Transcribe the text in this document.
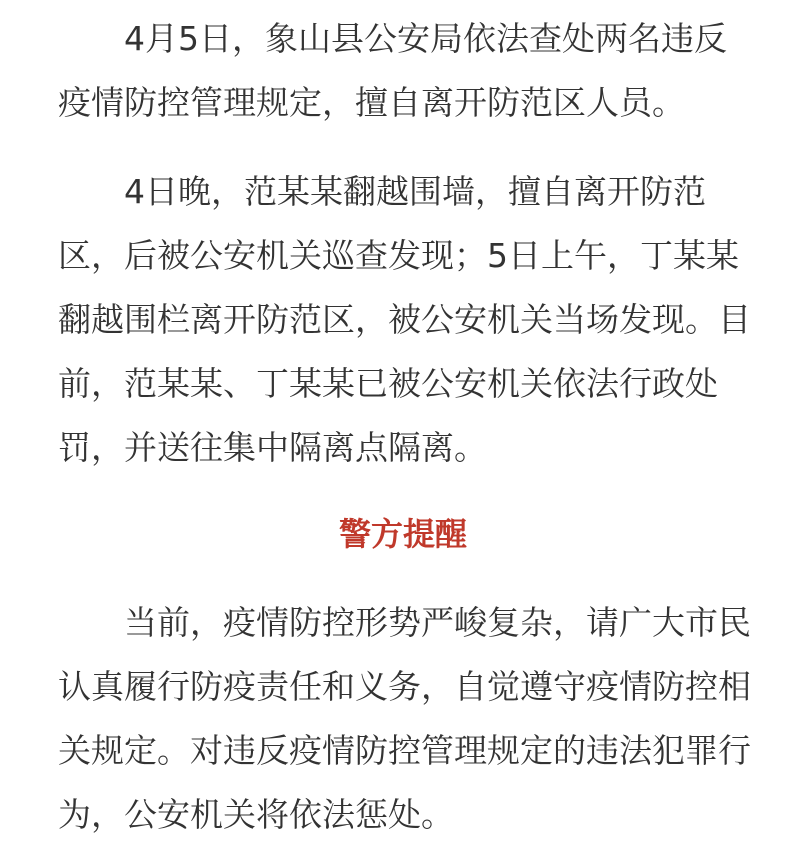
4月5日，象山县公安局依法查处两名违反
疫情防控管理规定，擅自离开防范区人员。
4日晚，范某某翻越围墙，擅自离开防范
区，后被公安机关巡查发现；5日上午，丁某某
翻越围栏离开防范区，被公安机关当场发现。目
前，范某某、丁某某已被公安机关依法行政处
罚，并送往集中隔离点隔离。
警方提醒
当前，疫情防控形势严峻复杂，请广大市民
认真履行防疫责任和义务，自觉遵守疫情防控相
关规定。对违反疫情防控管理规定的违法犯罪行
为，公安机关将依法惩处。
